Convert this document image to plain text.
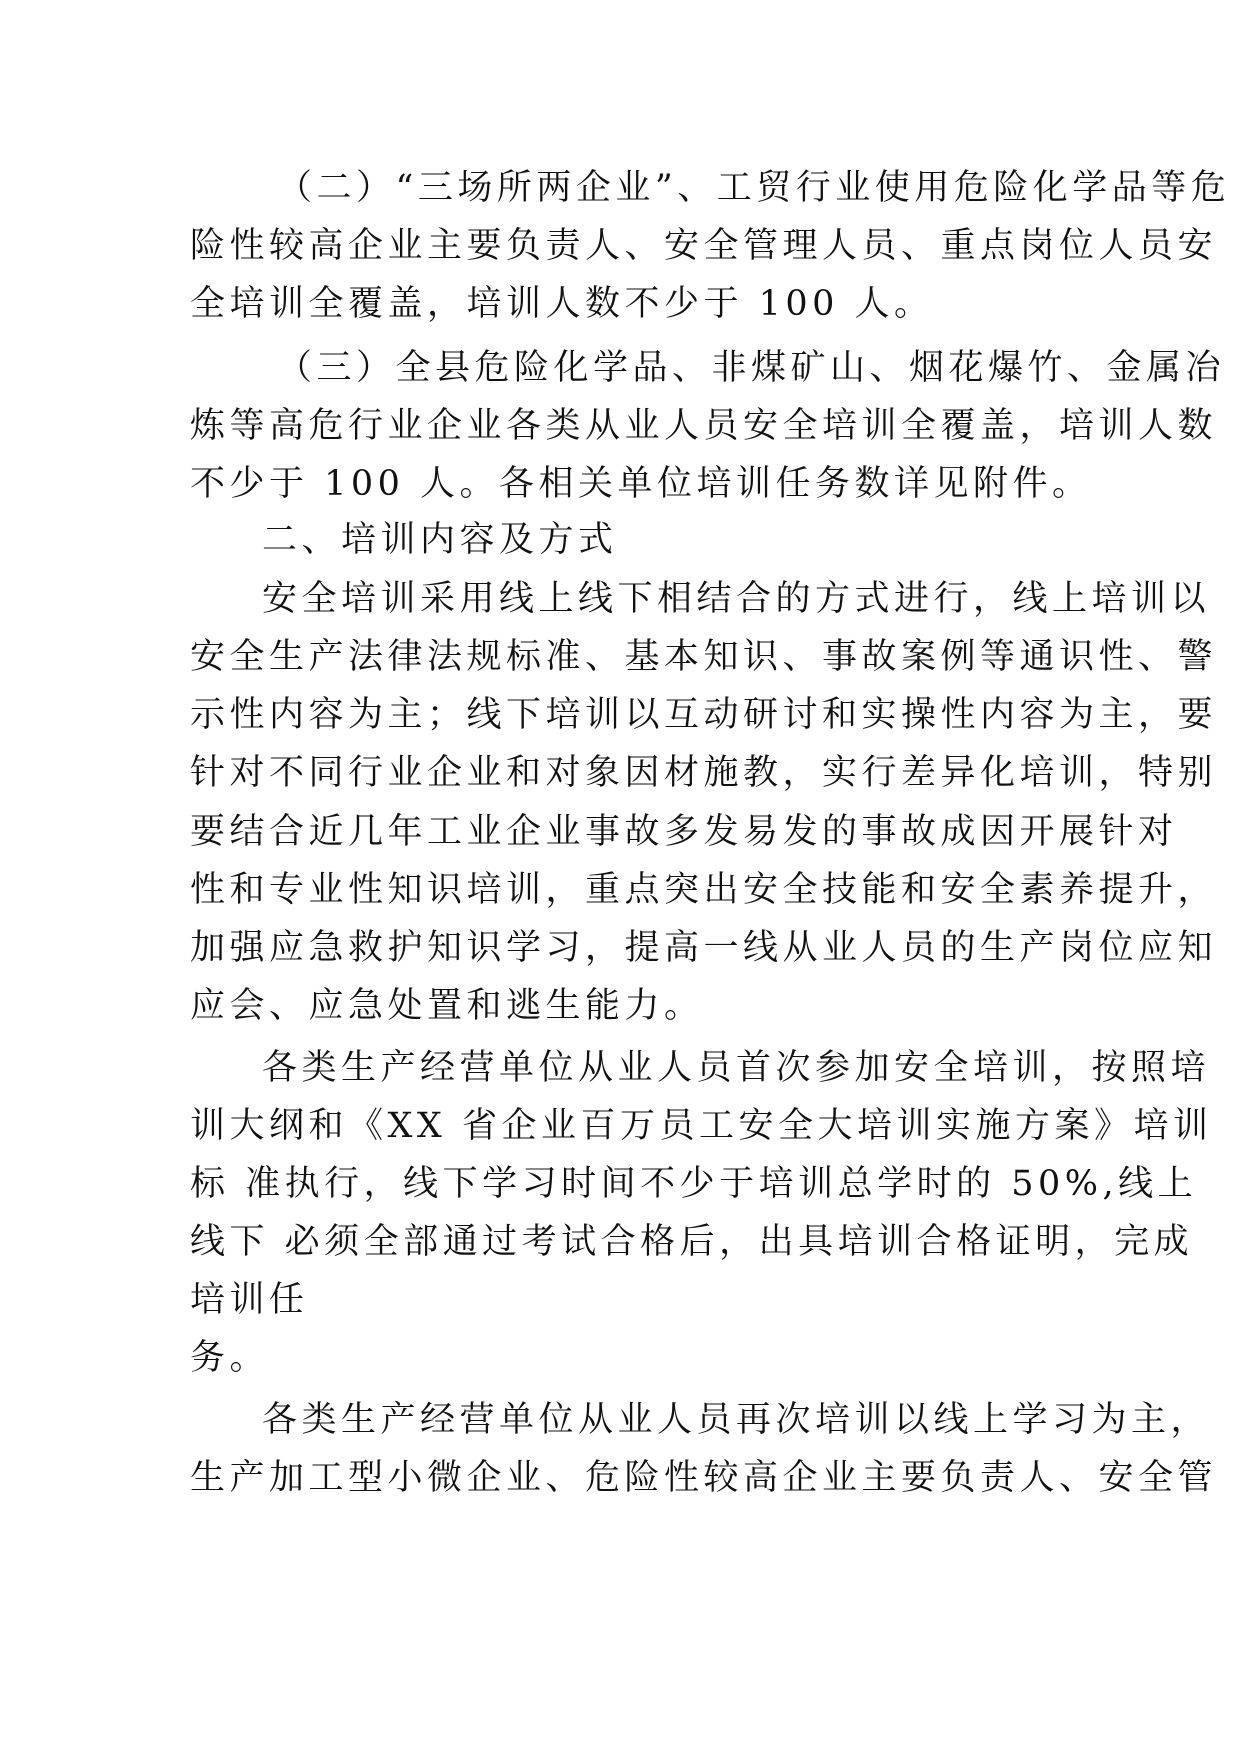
（二）“三场所两企业”、工贸行业使用危险化学品等危
险性较高企业主要负责人、安全管理人员、重点岗位人员安
全培训全覆盖，培训人数不少于 100 人。
（三）全县危险化学品、非煤矿山、烟花爆竹、金属冶
炼等高危行业企业各类从业人员安全培训全覆盖，培训人数
不少于 100 人。各相关单位培训任务数详见附件。
二、培训内容及方式
安全培训采用线上线下相结合的方式进行，线上培训以
安全生产法律法规标准、基本知识、事故案例等通识性、警
示性内容为主；线下培训以互动研讨和实操性内容为主，要
针对不同行业企业和对象因材施教，实行差异化培训，特别
要结合近几年工业企业事故多发易发的事故成因开展针对
性和专业性知识培训，重点突出安全技能和安全素养提升，
加强应急救护知识学习，提高一线从业人员的生产岗位应知
应会、应急处置和逃生能力。
各类生产经营单位从业人员首次参加安全培训，按照培
训大纲和《XX 省企业百万员工安全大培训实施方案》培训
标 准执行，线下学习时间不少于培训总学时的 50%,线上
线下 必须全部通过考试合格后，出具培训合格证明，完成
培训任
务。
各类生产经营单位从业人员再次培训以线上学习为主，
生产加工型小微企业、危险性较高企业主要负责人、安全管
